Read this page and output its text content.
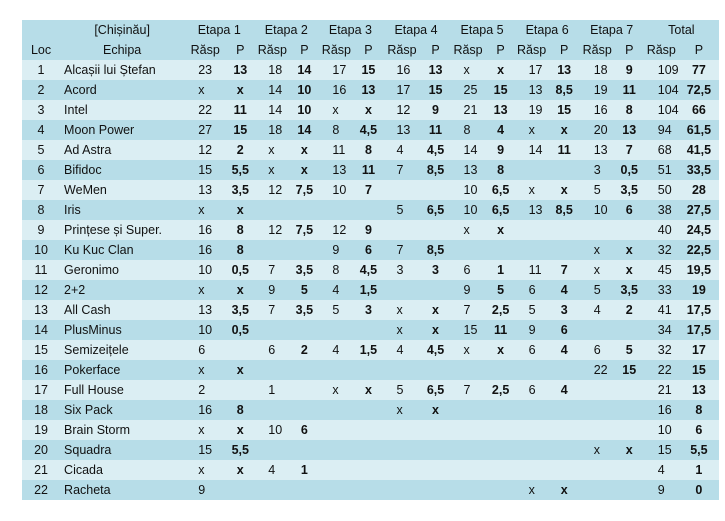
	[Chișinău]	Etapa 1		Etapa 2		Etapa 3		Etapa 4		Etapa 5		Etapa 6		Etapa 7		Total	
Loc	Echipa	Răsp	P	Răsp	P	Răsp	P	Răsp	P	Răsp	P	Răsp	P	Răsp	P	Răsp	P
1	Alcașii lui Ștefan	23	13	18	14	17	15	16	13	x	x	17	13	18	9	109	77
2	Acord	x	x	14	10	16	13	17	15	25	15	13	8,5	19	11	104	72,5
3	Intel	22	11	14	10	x	x	12	9	21	13	19	15	16	8	104	66
4	Moon Power	27	15	18	14	8	4,5	13	11	8	4	x	x	20	13	94	61,5
5	Ad Astra	12	2	x	x	11	8	4	4,5	14	9	14	11	13	7	68	41,5
6	Bifidoc	15	5,5	x	x	13	11	7	8,5	13	8			3	0,5	51	33,5
7	WeMen	13	3,5	12	7,5	10	7			10	6,5	x	x	5	3,5	50	28
8	Iris	x	x					5	6,5	10	6,5	13	8,5	10	6	38	27,5
9	Prințese și Super.	16	8	12	7,5	12	9			x	x					40	24,5
10	Ku Kuc Clan	16	8			9	6	7	8,5					x	x	32	22,5
11	Geronimo	10	0,5	7	3,5	8	4,5	3	3	6	1	11	7	x	x	45	19,5
12	2+2	x	x	9	5	4	1,5			9	5	6	4	5	3,5	33	19
13	All Cash	13	3,5	7	3,5	5	3	x	x	7	2,5	5	3	4	2	41	17,5
14	PlusMinus	10	0,5					x	x	15	11	9	6			34	17,5
15	Semizeițele	6		6	2	4	1,5	4	4,5	x	x	6	4	6	5	32	17
16	Pokerface	x	x											22	15	22	15
17	Full House	2		1		x	x	5	6,5	7	2,5	6	4			21	13
18	Six Pack	16	8					x	x							16	8
19	Brain Storm	x	x	10	6											10	6
20	Squadra	15	5,5											x	x	15	5,5
21	Cicada	x	x	4	1											4	1
22	Racheta	9										x	x			9	0
